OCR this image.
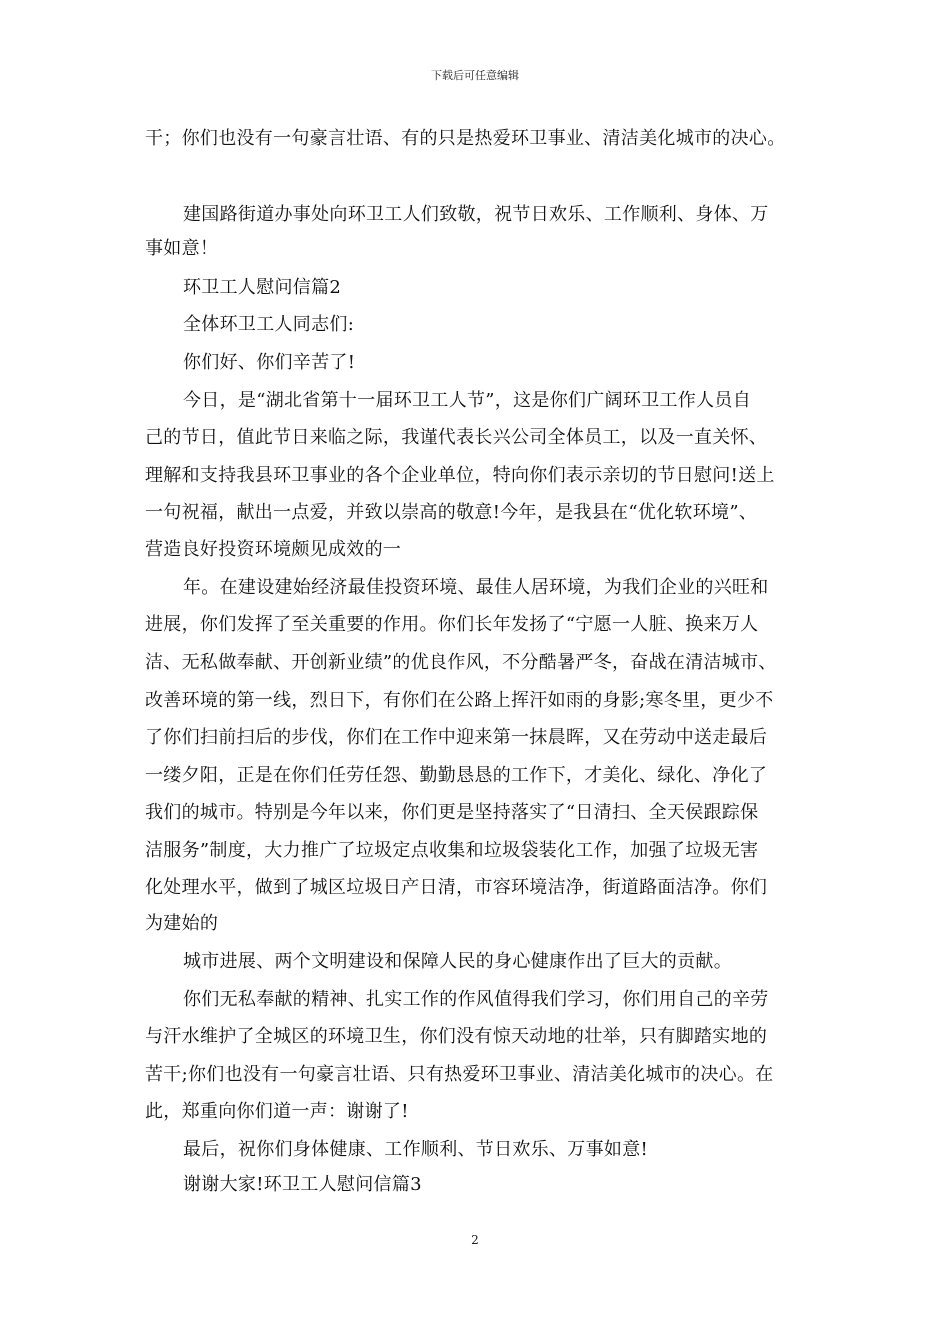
下载后可任意编辑
干；你们也没有一句豪言壮语、有的只是热爱环卫事业、清洁美化城市的决心。
建国路街道办事处向环卫工人们致敬，祝节日欢乐、工作顺利、身体、万
事如意！
环卫工人慰问信篇2
全体环卫工人同志们:
你们好、你们辛苦了!
今日，是“湖北省第十一届环卫工人节”，这是你们广阔环卫工作人员自
己的节日，值此节日来临之际，我谨代表长兴公司全体员工，以及一直关怀、
理解和支持我县环卫事业的各个企业单位，特向你们表示亲切的节日慰问!送上
一句祝福，献出一点爱，并致以崇高的敬意!今年，是我县在“优化软环境”、
营造良好投资环境颇见成效的一
年。在建设建始经济最佳投资环境、最佳人居环境，为我们企业的兴旺和
进展，你们发挥了至关重要的作用。你们长年发扬了“宁愿一人脏、换来万人
洁、无私做奉献、开创新业绩”的优良作风，不分酷暑严冬，奋战在清洁城市、
改善环境的第一线，烈日下，有你们在公路上挥汗如雨的身影;寒冬里，更少不
了你们扫前扫后的步伐，你们在工作中迎来第一抹晨晖，又在劳动中送走最后
一缕夕阳，正是在你们任劳任怨、勤勤恳恳的工作下，才美化、绿化、净化了
我们的城市。特别是今年以来，你们更是坚持落实了“日清扫、全天侯跟踪保
洁服务”制度，大力推广了垃圾定点收集和垃圾袋装化工作，加强了垃圾无害
化处理水平，做到了城区垃圾日产日清，市容环境洁净，街道路面洁净。你们
为建始的
城市进展、两个文明建设和保障人民的身心健康作出了巨大的贡献。
你们无私奉献的精神、扎实工作的作风值得我们学习，你们用自己的辛劳
与汗水维护了全城区的环境卫生，你们没有惊天动地的壮举，只有脚踏实地的
苦干;你们也没有一句豪言壮语、只有热爱环卫事业、清洁美化城市的决心。在
此，郑重向你们道一声：谢谢了!
最后，祝你们身体健康、工作顺利、节日欢乐、万事如意!
谢谢大家!环卫工人慰问信篇3
2
